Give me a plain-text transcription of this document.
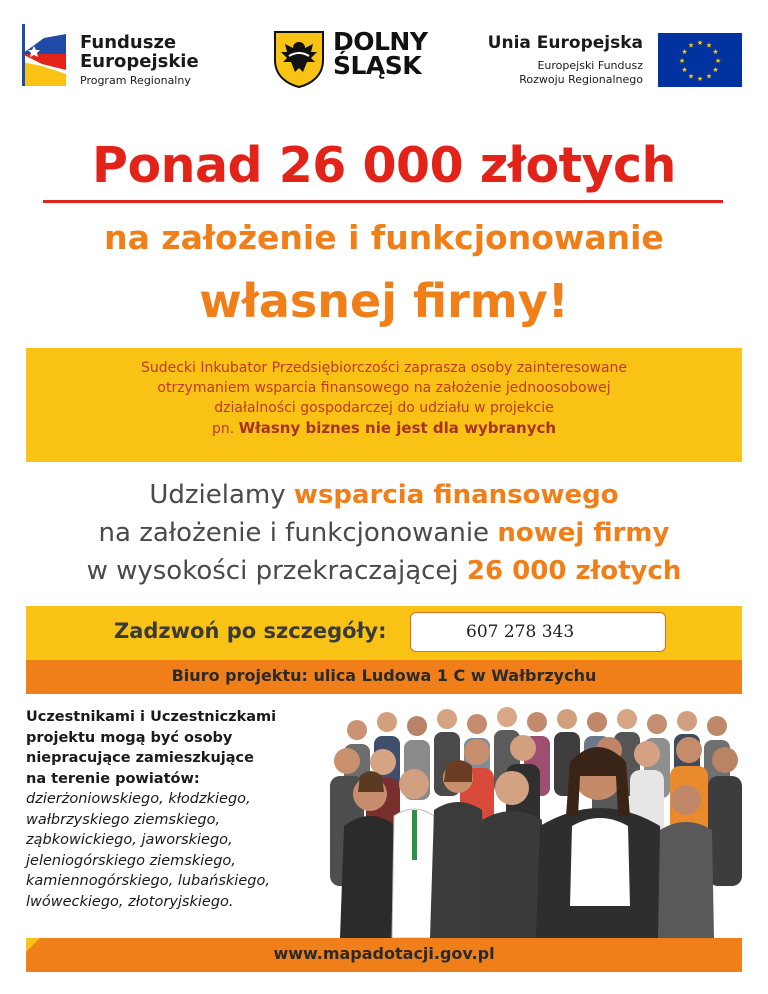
Fundusze
Europejskie
Program Regionalny
DOLNY
ŚLĄSK
Unia Europejska
Europejski Fundusz
Rozwoju Regionalnego
★ ★
★
★
★
★
★
★
★
★
★
★
Ponad 26 000 złotych
na założenie i funkcjonowanie
własnej firmy!
Sudecki Inkubator Przedsiębiorczości zaprasza osoby zainteresowane
otrzymaniem wsparcia finansowego na założenie jednoosobowej
działalności gospodarczej do udziału w projekcie
pn. Własny biznes nie jest dla wybranych
Udzielamy wsparcia finansowego
na założenie i funkcjonowanie nowej firmy
w wysokości przekraczającej 26 000 złotych
Zadzwoń po szczegóły:	607 278 343
Biuro projektu: ulica Ludowa 1 C w Wałbrzychu
Uczestnikami i Uczestniczkami
projektu mogą być osoby
niepracujące zamieszkujące
na terenie powiatów:
dzierżoniowskiego, kłodzkiego,
wałbrzyskiego ziemskiego,
ząbkowickiego, jaworskiego,
jeleniogórskiego ziemskiego,
kamiennogórskiego, lubańskiego,
lwóweckiego, złotoryjskiego.
www.mapadotacji.gov.pl
